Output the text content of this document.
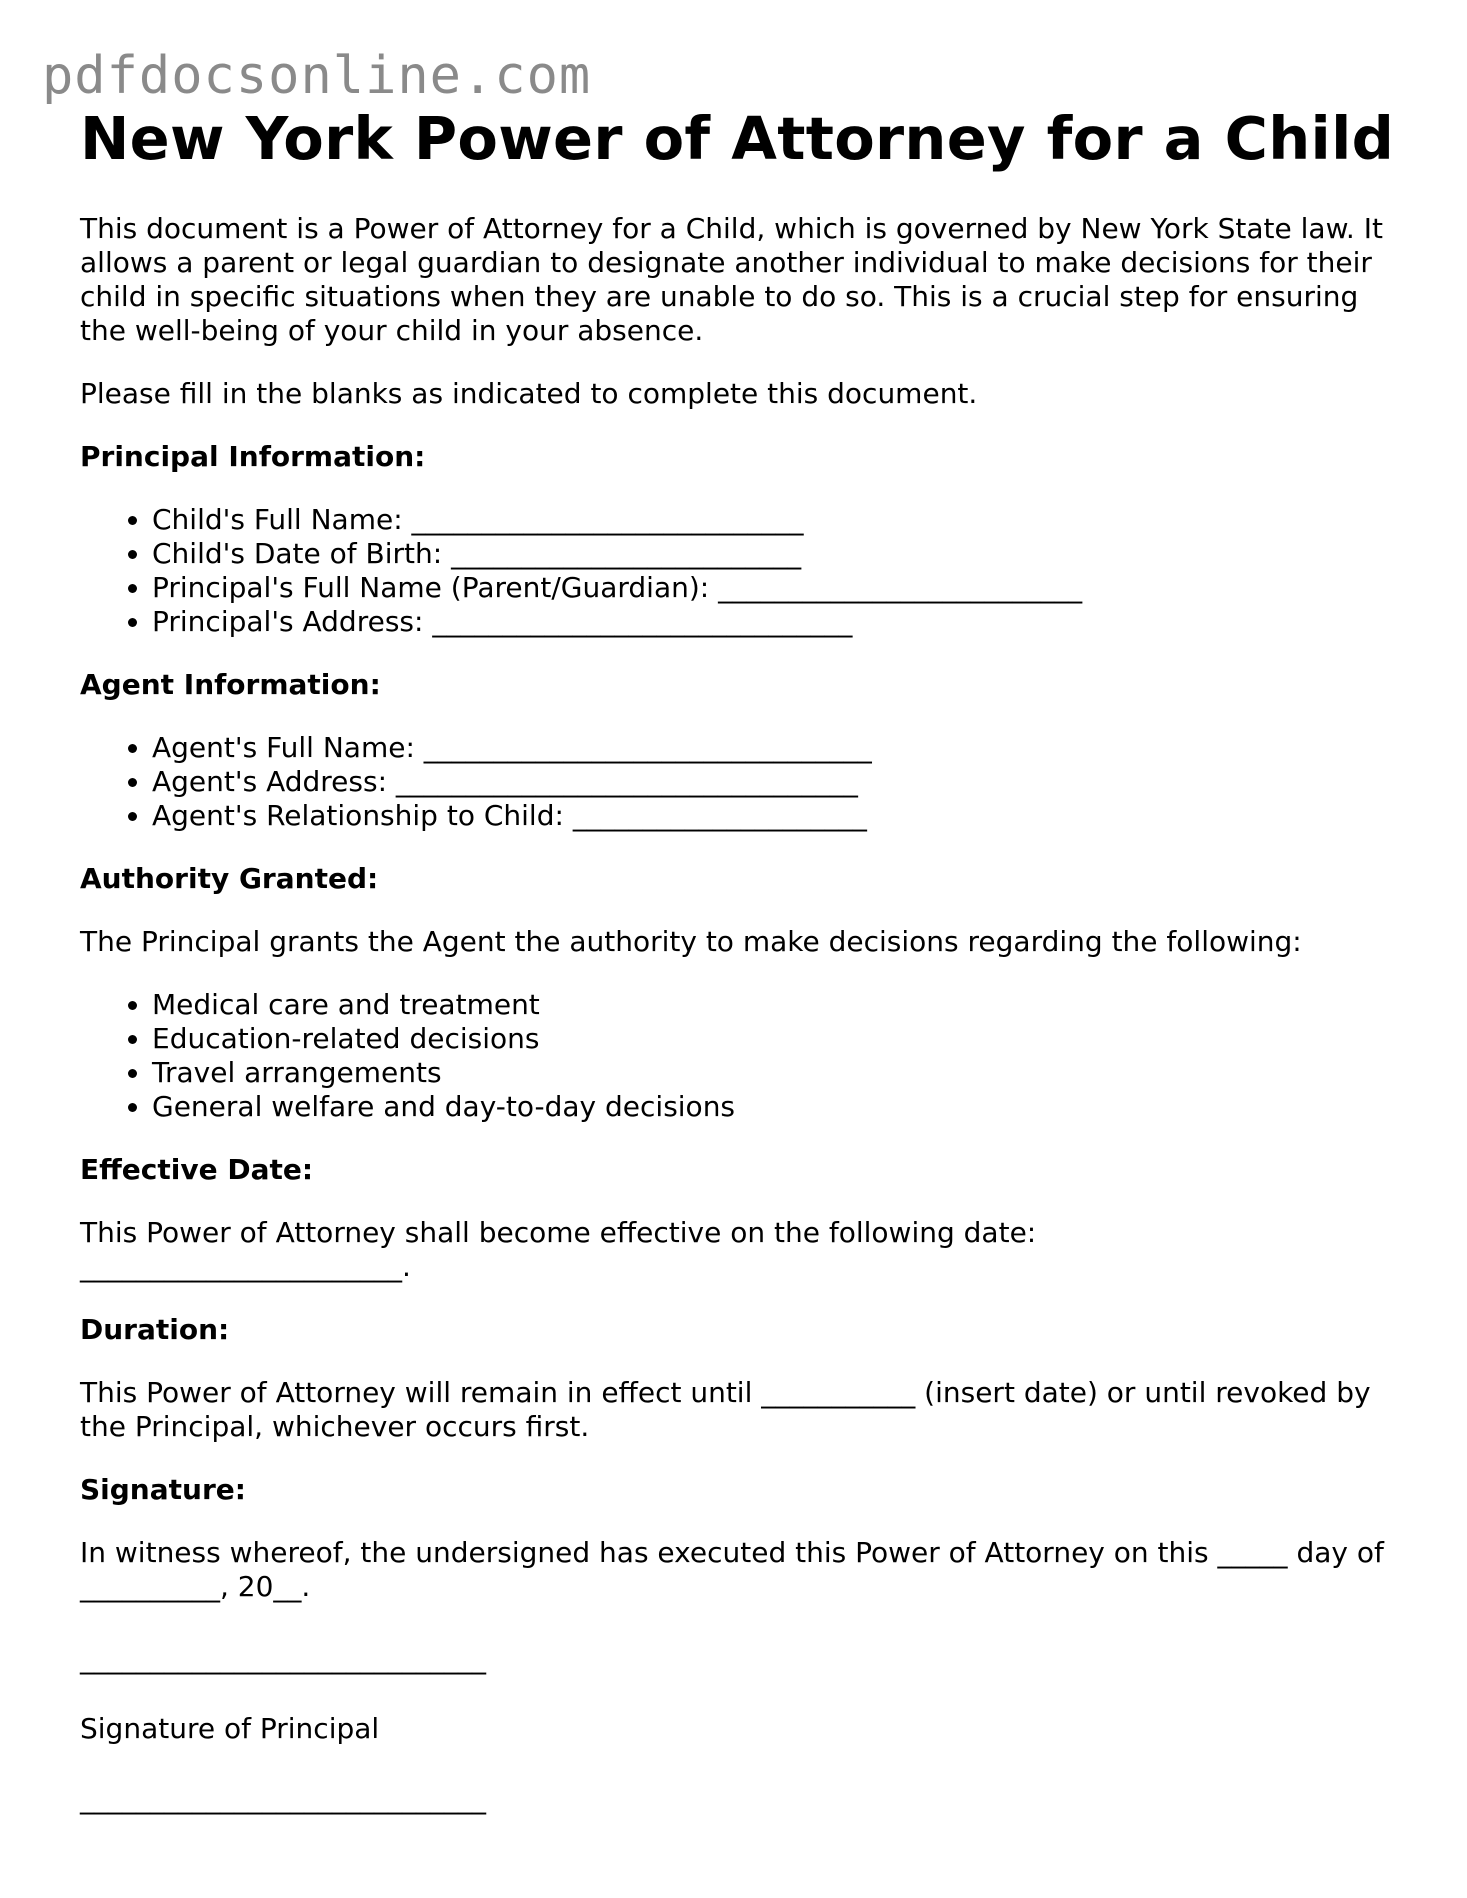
pdfdocsonline.com
New York Power of Attorney for a Child

This document is a Power of Attorney for a Child, which is governed by New York State law. It allows a parent or legal guardian to designate another individual to make decisions for their child in specific situations when they are unable to do so. This is a crucial step for ensuring the well-being of your child in your absence.

Please fill in the blanks as indicated to complete this document.

Principal Information:

• Child's Full Name: ____________________________
• Child's Date of Birth: _________________________
• Principal's Full Name (Parent/Guardian): __________________________
• Principal's Address: ______________________________

Agent Information:

• Agent's Full Name: ________________________________
• Agent's Address: _________________________________
• Agent's Relationship to Child: _____________________

Authority Granted:

The Principal grants the Agent the authority to make decisions regarding the following:

• Medical care and treatment
• Education-related decisions
• Travel arrangements
• General welfare and day-to-day decisions

Effective Date:

This Power of Attorney shall become effective on the following date:
_______________________.

Duration:

This Power of Attorney will remain in effect until ___________ (insert date) or until revoked by the Principal, whichever occurs first.

Signature:

In witness whereof, the undersigned has executed this Power of Attorney on this _____ day of __________, 20__.

_____________________________

Signature of Principal

_____________________________
